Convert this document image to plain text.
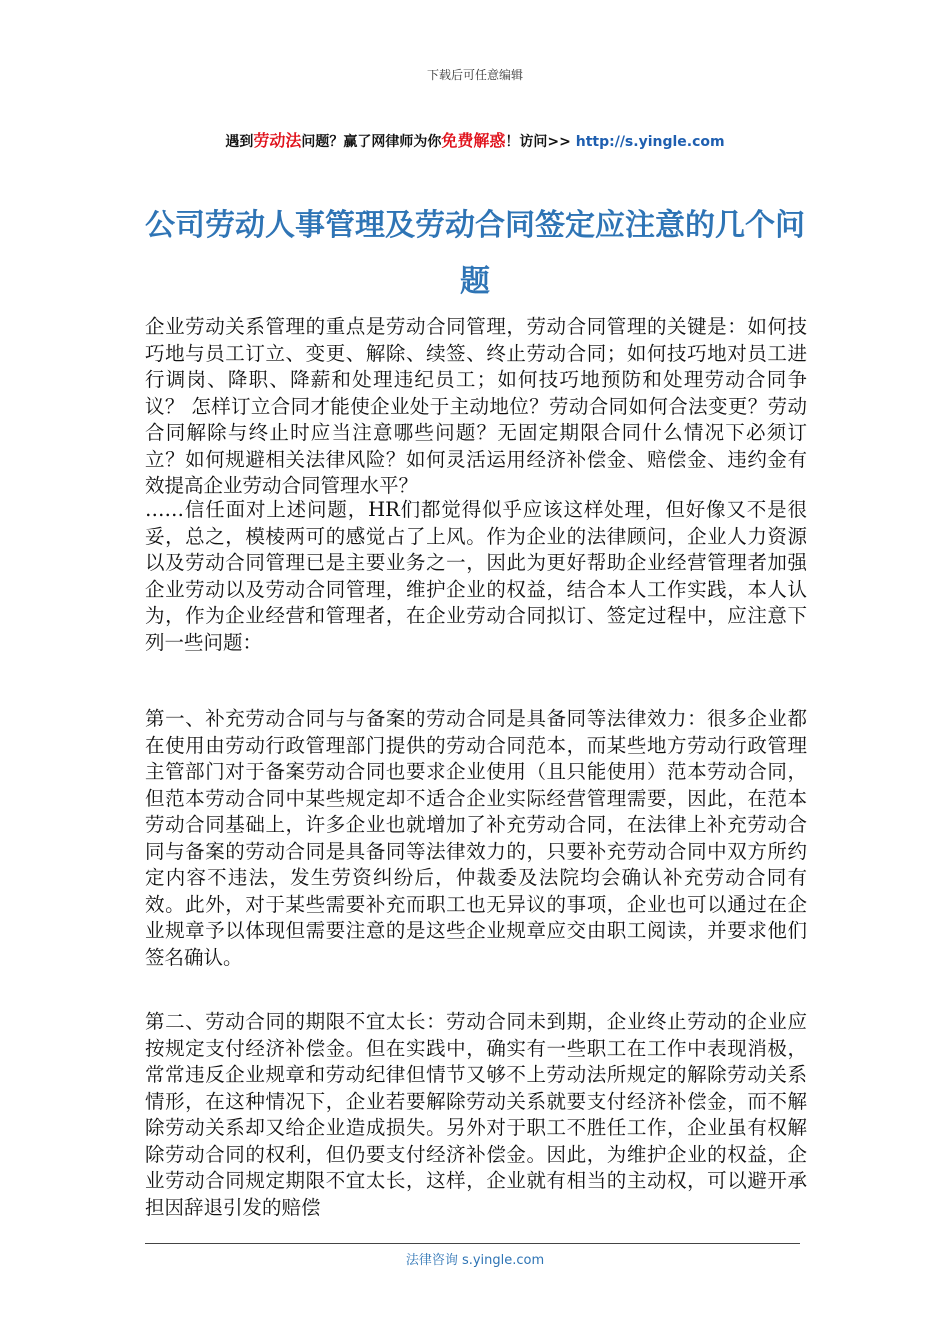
下载后可任意编辑
遇到劳动法问题？赢了网律师为你免费解惑！访问>> http://s.yingle.com
公司劳动人事管理及劳动合同签定应注意的几个问题

企业劳动关系管理的重点是劳动合同管理，劳动合同管理的关键是：如何技巧地与员工订立、变更、解除、续签、终止劳动合同；如何技巧地对员工进行调岗、降职、降薪和处理违纪员工；如何技巧地预防和处理劳动合同争议？ 怎样订立合同才能使企业处于主动地位？劳动合同如何合法变更？劳动合同解除与终止时应当注意哪些问题？无固定期限合同什么情况下必须订立？如何规避相关法律风险？如何灵活运用经济补偿金、赔偿金、违约金有效提高企业劳动合同管理水平？

……信任面对上述问题，HR们都觉得似乎应该这样处理，但好像又不是很妥，总之，模棱两可的感觉占了上风。作为企业的法律顾问，企业人力资源以及劳动合同管理已是主要业务之一，因此为更好帮助企业经营管理者加强企业劳动以及劳动合同管理，维护企业的权益，结合本人工作实践，本人认为，作为企业经营和管理者，在企业劳动合同拟订、签定过程中，应注意下列一些问题：

第一、补充劳动合同与与备案的劳动合同是具备同等法律效力：很多企业都在使用由劳动行政管理部门提供的劳动合同范本，而某些地方劳动行政管理主管部门对于备案劳动合同也要求企业使用（且只能使用）范本劳动合同，但范本劳动合同中某些规定却不适合企业实际经营管理需要，因此，在范本劳动合同基础上，许多企业也就增加了补充劳动合同，在法律上补充劳动合同与备案的劳动合同是具备同等法律效力的，只要补充劳动合同中双方所约定内容不违法，发生劳资纠纷后，仲裁委及法院均会确认补充劳动合同有效。此外，对于某些需要补充而职工也无异议的事项，企业也可以通过在企业规章予以体现但需要注意的是这些企业规章应交由职工阅读，并要求他们签名确认。

第二、劳动合同的期限不宜太长：劳动合同未到期，企业终止劳动的企业应按规定支付经济补偿金。但在实践中，确实有一些职工在工作中表现消极，常常违反企业规章和劳动纪律但情节又够不上劳动法所规定的解除劳动关系情形，在这种情况下，企业若要解除劳动关系就要支付经济补偿金，而不解除劳动关系却又给企业造成损失。另外对于职工不胜任工作，企业虽有权解除劳动合同的权利，但仍要支付经济补偿金。因此，为维护企业的权益，企业劳动合同规定期限不宜太长，这样，企业就有相当的主动权，可以避开承担因辞退引发的赔偿

法律咨询 s.yingle.com
